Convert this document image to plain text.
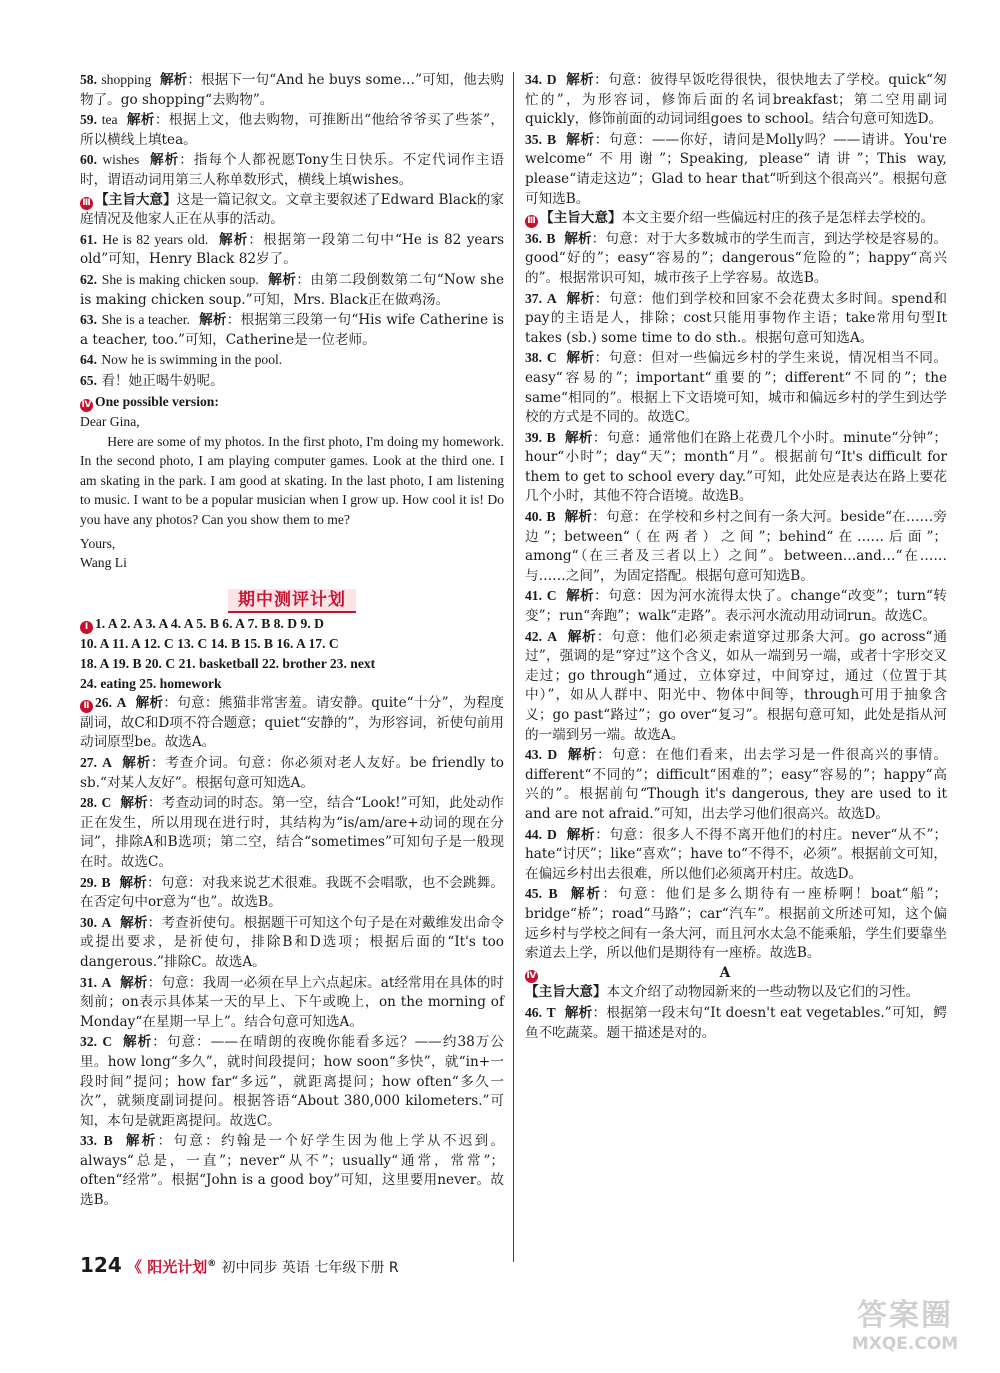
58. shopping 解析：根据下一句“And he buys some…”可知，他去购物了。go shopping“去购物”。

59. tea 解析：根据上文，他去购物，可推断出“他给爷爷买了些茶”，所以横线上填tea。

60. wishes 解析：指每个人都祝愿Tony生日快乐。不定代词作主语时，谓语动词用第三人称单数形式，横线上填wishes。

Ⅲ 【主旨大意】这是一篇记叙文。文章主要叙述了Edward Black的家庭情况及他家人正在从事的活动。

61. He is 82 years old. 解析：根据第一段第二句中“He is 82 years old”可知，Henry Black 82岁了。

62. She is making chicken soup. 解析：由第二段倒数第二句“Now she is making chicken soup.”可知，Mrs. Black正在做鸡汤。

63. She is a teacher. 解析：根据第三段第一句“His wife Catherine is a teacher, too.”可知，Catherine是一位老师。

64. Now he is swimming in the pool.

65. 看！她正喝牛奶呢。

Ⅳ One possible version:

Dear Gina,

Here are some of my photos. In the first photo, I'm doing my homework. In the second photo, I am playing computer games. Look at the third one. I am skating in the park. I am good at skating. In the last photo, I am listening to music. I want to be a popular musician when I grow up. How cool it is! Do you have any photos? Can you show them to me?

Yours,

Wang Li

期中测评计划

Ⅰ 1. A 2. A 3. A 4. A 5. B 6. A 7. B 8. D 9. D

10. A 11. A 12. C 13. C 14. B 15. B 16. A 17. C

18. A 19. B 20. C 21. basketball 22. brother 23. next

24. eating 25. homework

Ⅱ 26. A 解析：句意：熊猫非常害羞。请安静。quite“十分”，为程度副词，故C和D项不符合题意；quiet“安静的”，为形容词，祈使句前用动词原型be。故选A。

27. A 解析：考查介词。句意：你必须对老人友好。be friendly to sb.“对某人友好”。根据句意可知选A。

28. C 解析：考查动词的时态。第一空，结合“Look!”可知，此处动作正在发生，所以用现在进行时，其结构为“is/am/are+动词的现在分词”，排除A和B选项；第二空，结合“sometimes”可知句子是一般现在时。故选C。

29. B 解析：句意：对我来说艺术很难。我既不会唱歌，也不会跳舞。在否定句中or意为“也”。故选B。

30. A 解析：考查祈使句。根据题干可知这个句子是在对戴维发出命令或提出要求，是祈使句，排除B和D选项；根据后面的“It's too dangerous.”排除C。故选A。

31. A 解析：句意：我周一必须在早上六点起床。at经常用在具体的时刻前；on表示具体某一天的早上、下午或晚上，on the morning of Monday“在星期一早上”。结合句意可知选A。

32. C 解析：句意：——在晴朗的夜晚你能看多远？——约38万公里。how long“多久”，就时间段提问；how soon“多快”，就“in+一段时间”提问；how far“多远”，就距离提问；how often“多久一次”，就频度副词提问。根据答语“About 380,000 kilometers.”可知，本句是就距离提问。故选C。

33. B 解析：句意：约翰是一个好学生因为他上学从不迟到。always“总是，一直”；never“从不”；usually“通常，常常”；often“经常”。根据“John is a good boy”可知，这里要用never。故选B。

34. D 解析：句意：彼得早饭吃得很快，很快地去了学校。quick“匆忙的”，为形容词，修饰后面的名词breakfast；第二空用副词quickly，修饰前面的动词词组goes to school。结合句意可知选D。

35. B 解析：句意：——你好，请问是Molly吗？——请讲。You're welcome“不用谢”；Speaking, please“请讲”；This way, please“请走这边”；Glad to hear that“听到这个很高兴”。根据句意可知选B。

Ⅲ 【主旨大意】本文主要介绍一些偏远村庄的孩子是怎样去学校的。

36. B 解析：句意：对于大多数城市的学生而言，到达学校是容易的。good“好的”；easy“容易的”；dangerous“危险的”；happy“高兴的”。根据常识可知，城市孩子上学容易。故选B。

37. A 解析：句意：他们到学校和回家不会花费太多时间。spend和pay的主语是人，排除；cost只能用事物作主语；take常用句型It takes (sb.) some time to do sth.。根据句意可知选A。

38. C 解析：句意：但对一些偏远乡村的学生来说，情况相当不同。easy“容易的”；important“重要的”；different“不同的”；the same“相同的”。根据上下文语境可知，城市和偏远乡村的学生到达学校的方式是不同的。故选C。

39. B 解析：句意：通常他们在路上花费几个小时。minute“分钟”；hour“小时”；day“天”；month“月”。根据前句“It's difficult for them to get to school every day.”可知，此处应是表达在路上要花几个小时，其他不符合语境。故选B。

40. B 解析：句意：在学校和乡村之间有一条大河。beside“在……旁边”；between“（在两者）之间”；behind“在……后面”；among“（在三者及三者以上）之间”。between…and…“在……与……之间”，为固定搭配。根据句意可知选B。

41. C 解析：句意：因为河水流得太快了。change“改变”；turn“转变”；run“奔跑”；walk“走路”。表示河水流动用动词run。故选C。

42. A 解析：句意：他们必须走索道穿过那条大河。go across“通过”，强调的是“穿过”这个含义，如从一端到另一端，或者十字形交叉走过；go through“通过，立体穿过，中间穿过，通过（位置于其中）”，如从人群中、阳光中、物体中间等，through可用于抽象含义；go past“路过”；go over“复习”。根据句意可知，此处是指从河的一端到另一端。故选A。

43. D 解析：句意：在他们看来，出去学习是一件很高兴的事情。different“不同的”；difficult“困难的”；easy“容易的”；happy“高兴的”。根据前句“Though it's dangerous, they are used to it and are not afraid.”可知，出去学习他们很高兴。故选D。

44. D 解析：句意：很多人不得不离开他们的村庄。never“从不”；hate“讨厌”；like“喜欢”；have to“不得不，必须”。根据前文可知，在偏远乡村出去很难，所以他们必须离开村庄。故选D。

45. B 解析：句意：他们是多么期待有一座桥啊！boat“船”；bridge“桥”；road“马路”；car“汽车”。根据前文所述可知，这个偏远乡村与学校之间有一条大河，而且河水太急不能乘船，学生们要靠坐索道去上学，所以他们是期待有一座桥。故选B。

Ⅳ	A

【主旨大意】本文介绍了动物园新来的一些动物以及它们的习性。

46. T 解析：根据第一段末句“It doesn't eat vegetables.”可知，鳄鱼不吃蔬菜。题干描述是对的。

124 《 阳光计划® 初中同步 英语 七年级下册 R
答案圈
MXQE.COM
